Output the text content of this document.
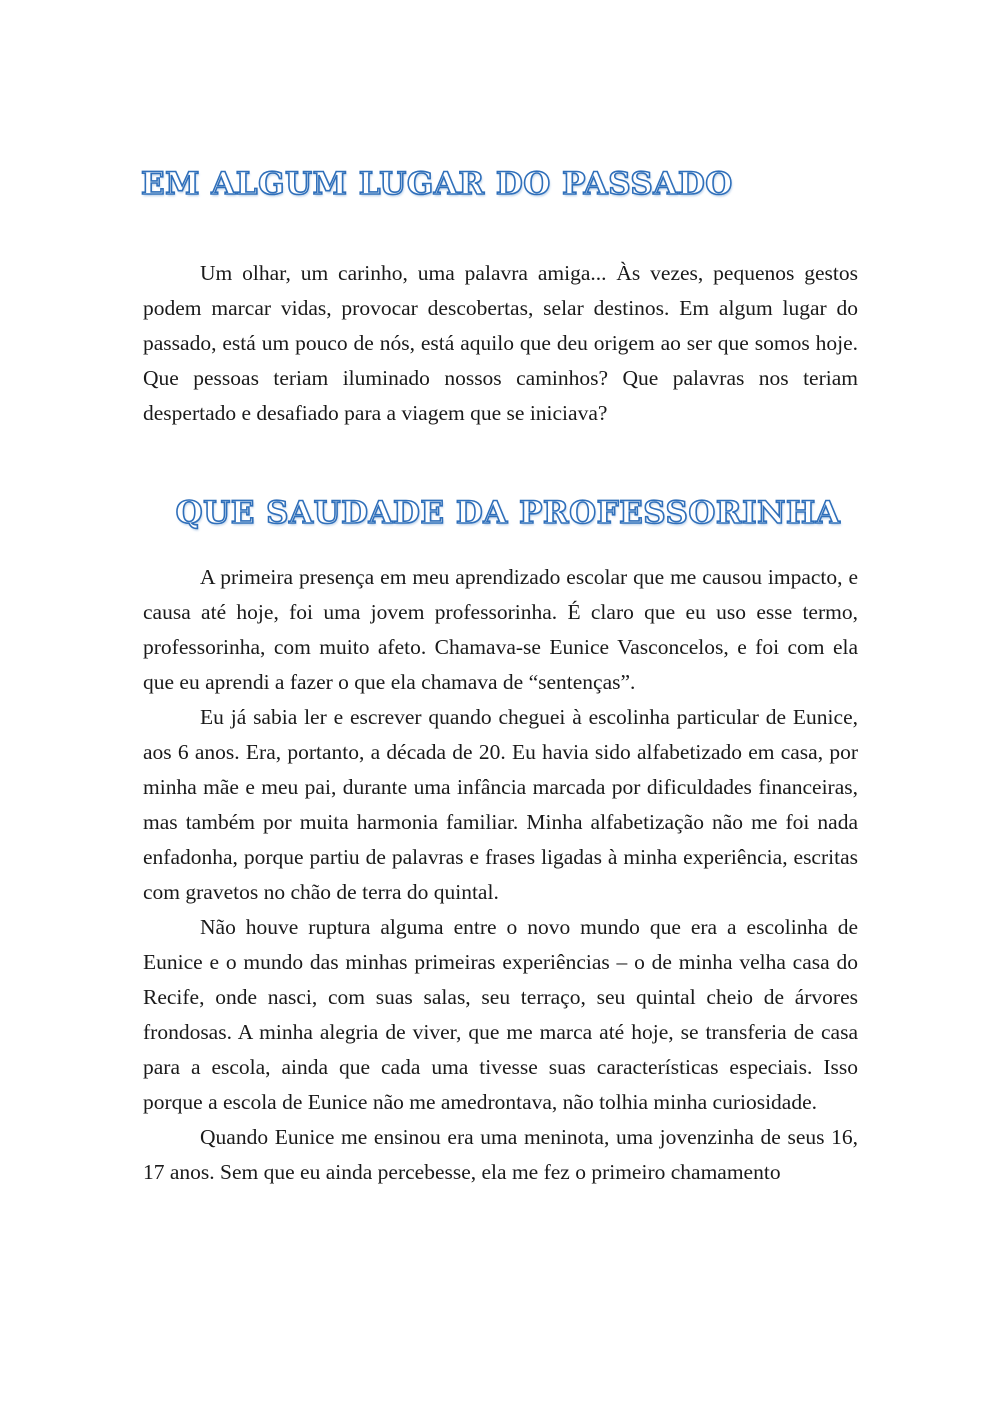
EM ALGUM LUGAR DO PASSADO

Um olhar, um carinho, uma palavra amiga... Às vezes, pequenos gestos podem marcar vidas, provocar descobertas, selar destinos. Em algum lugar do passado, está um pouco de nós, está aquilo que deu origem ao ser que somos hoje. Que pessoas teriam iluminado nossos caminhos? Que palavras nos teriam despertado e desafiado para a viagem que se iniciava?

QUE SAUDADE DA PROFESSORINHA

A primeira presença em meu aprendizado escolar que me causou impacto, e causa até hoje, foi uma jovem professorinha. É claro que eu uso esse termo, professorinha, com muito afeto. Chamava-se Eunice Vasconcelos, e foi com ela que eu aprendi a fazer o que ela chamava de “sentenças”.

Eu já sabia ler e escrever quando cheguei à escolinha particular de Eunice, aos 6 anos. Era, portanto, a década de 20. Eu havia sido alfabetizado em casa, por minha mãe e meu pai, durante uma infância marcada por dificuldades financeiras, mas também por muita harmonia familiar. Minha alfabetização não me foi nada enfadonha, porque partiu de palavras e frases ligadas à minha experiência, escritas com gravetos no chão de terra do quintal.

Não houve ruptura alguma entre o novo mundo que era a escolinha de Eunice e o mundo das minhas primeiras experiências – o de minha velha casa do Recife, onde nasci, com suas salas, seu terraço, seu quintal cheio de árvores frondosas. A minha alegria de viver, que me marca até hoje, se transferia de casa para a escola, ainda que cada uma tivesse suas características especiais. Isso porque a escola de Eunice não me amedrontava, não tolhia minha curiosidade.

Quando Eunice me ensinou era uma meninota, uma jovenzinha de seus 16, 17 anos. Sem que eu ainda percebesse, ela me fez o primeiro chamamento
